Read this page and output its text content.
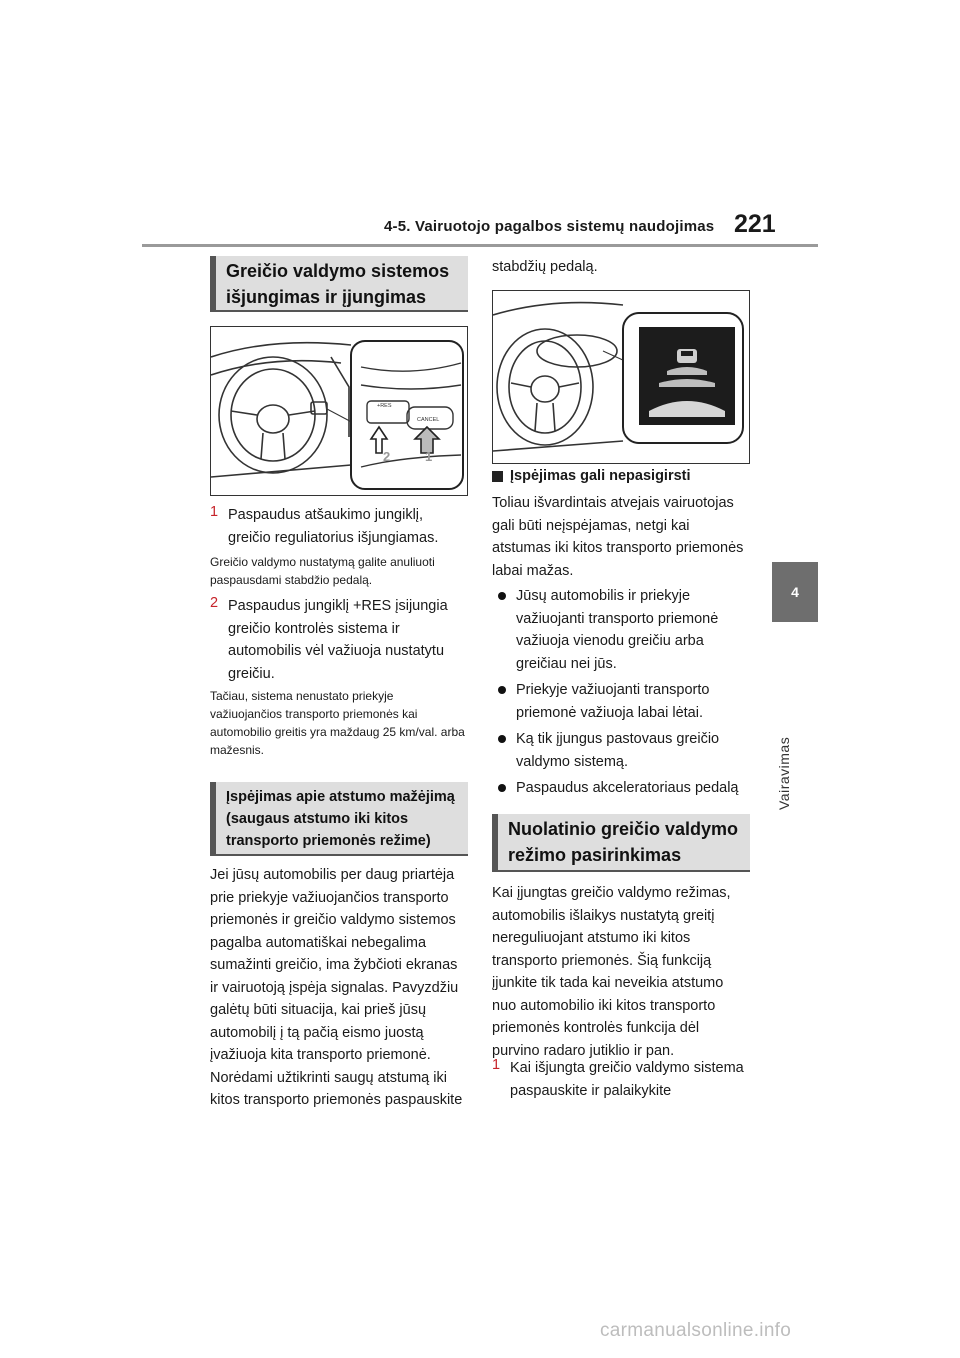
4-5. Vairuotojo pagalbos sistemų naudojimas 221
4
Vairavimas
Greičio valdymo sistemos išjungimas ir įjungimas
+RES
CANCEL
2	1
1 Paspaudus atšaukimo jungiklį, greičio reguliatorius išjungiamas.
Greičio valdymo nustatymą galite anuliuoti paspausdami stabdžio pedalą.
2 Paspaudus jungiklį +RES įsijungia greičio kontrolės sistema ir automobilis vėl važiuoja nustatytu greičiu.
Tačiau, sistema nenustato priekyje važiuojančios transporto priemonės kai automobilio greitis yra maždaug 25 km/val. arba mažesnis.
Įspėjimas apie atstumo mažėjimą (saugaus atstumo iki kitos transporto priemonės režime)
Jei jūsų automobilis per daug priartėja prie priekyje važiuojančios transporto priemonės ir greičio valdymo sistemos pagalba automatiškai nebegalima sumažinti greičio, ima žybčioti ekranas ir vairuotoją įspėja signalas. Pavyzdžiu galėtų būti situacija, kai prieš jūsų automobilį į tą pačią eismo juostą įvažiuoja kita transporto priemonė. Norėdami užtikrinti saugų atstumą iki kitos transporto priemonės paspauskite
stabdžių pedalą.
Įspėjimas gali nepasigirsti
Toliau išvardintais atvejais vairuotojas gali būti neįspėjamas, netgi kai atstumas iki kitos transporto priemonės labai mažas.
Jūsų automobilis ir priekyje važiuojanti transporto priemonė važiuoja vienodu greičiu arba greičiau nei jūs.
Priekyje važiuojanti transporto priemonė važiuoja labai lėtai.
Ką tik įjungus pastovaus greičio valdymo sistemą.
Paspaudus akceleratoriaus pedalą
Nuolatinio greičio valdymo režimo pasirinkimas
Kai įjungtas greičio valdymo režimas, automobilis išlaikys nustatytą greitį nereguliuojant atstumo iki kitos transporto priemonės. Šią funkciją įjunkite tik tada kai neveikia atstumo nuo automobilio iki kitos transporto priemonės kontrolės funkcija dėl purvino radaro jutiklio ir pan.
1 Kai išjungta greičio valdymo sistema paspauskite ir palaikykite
carmanualsonline.info
